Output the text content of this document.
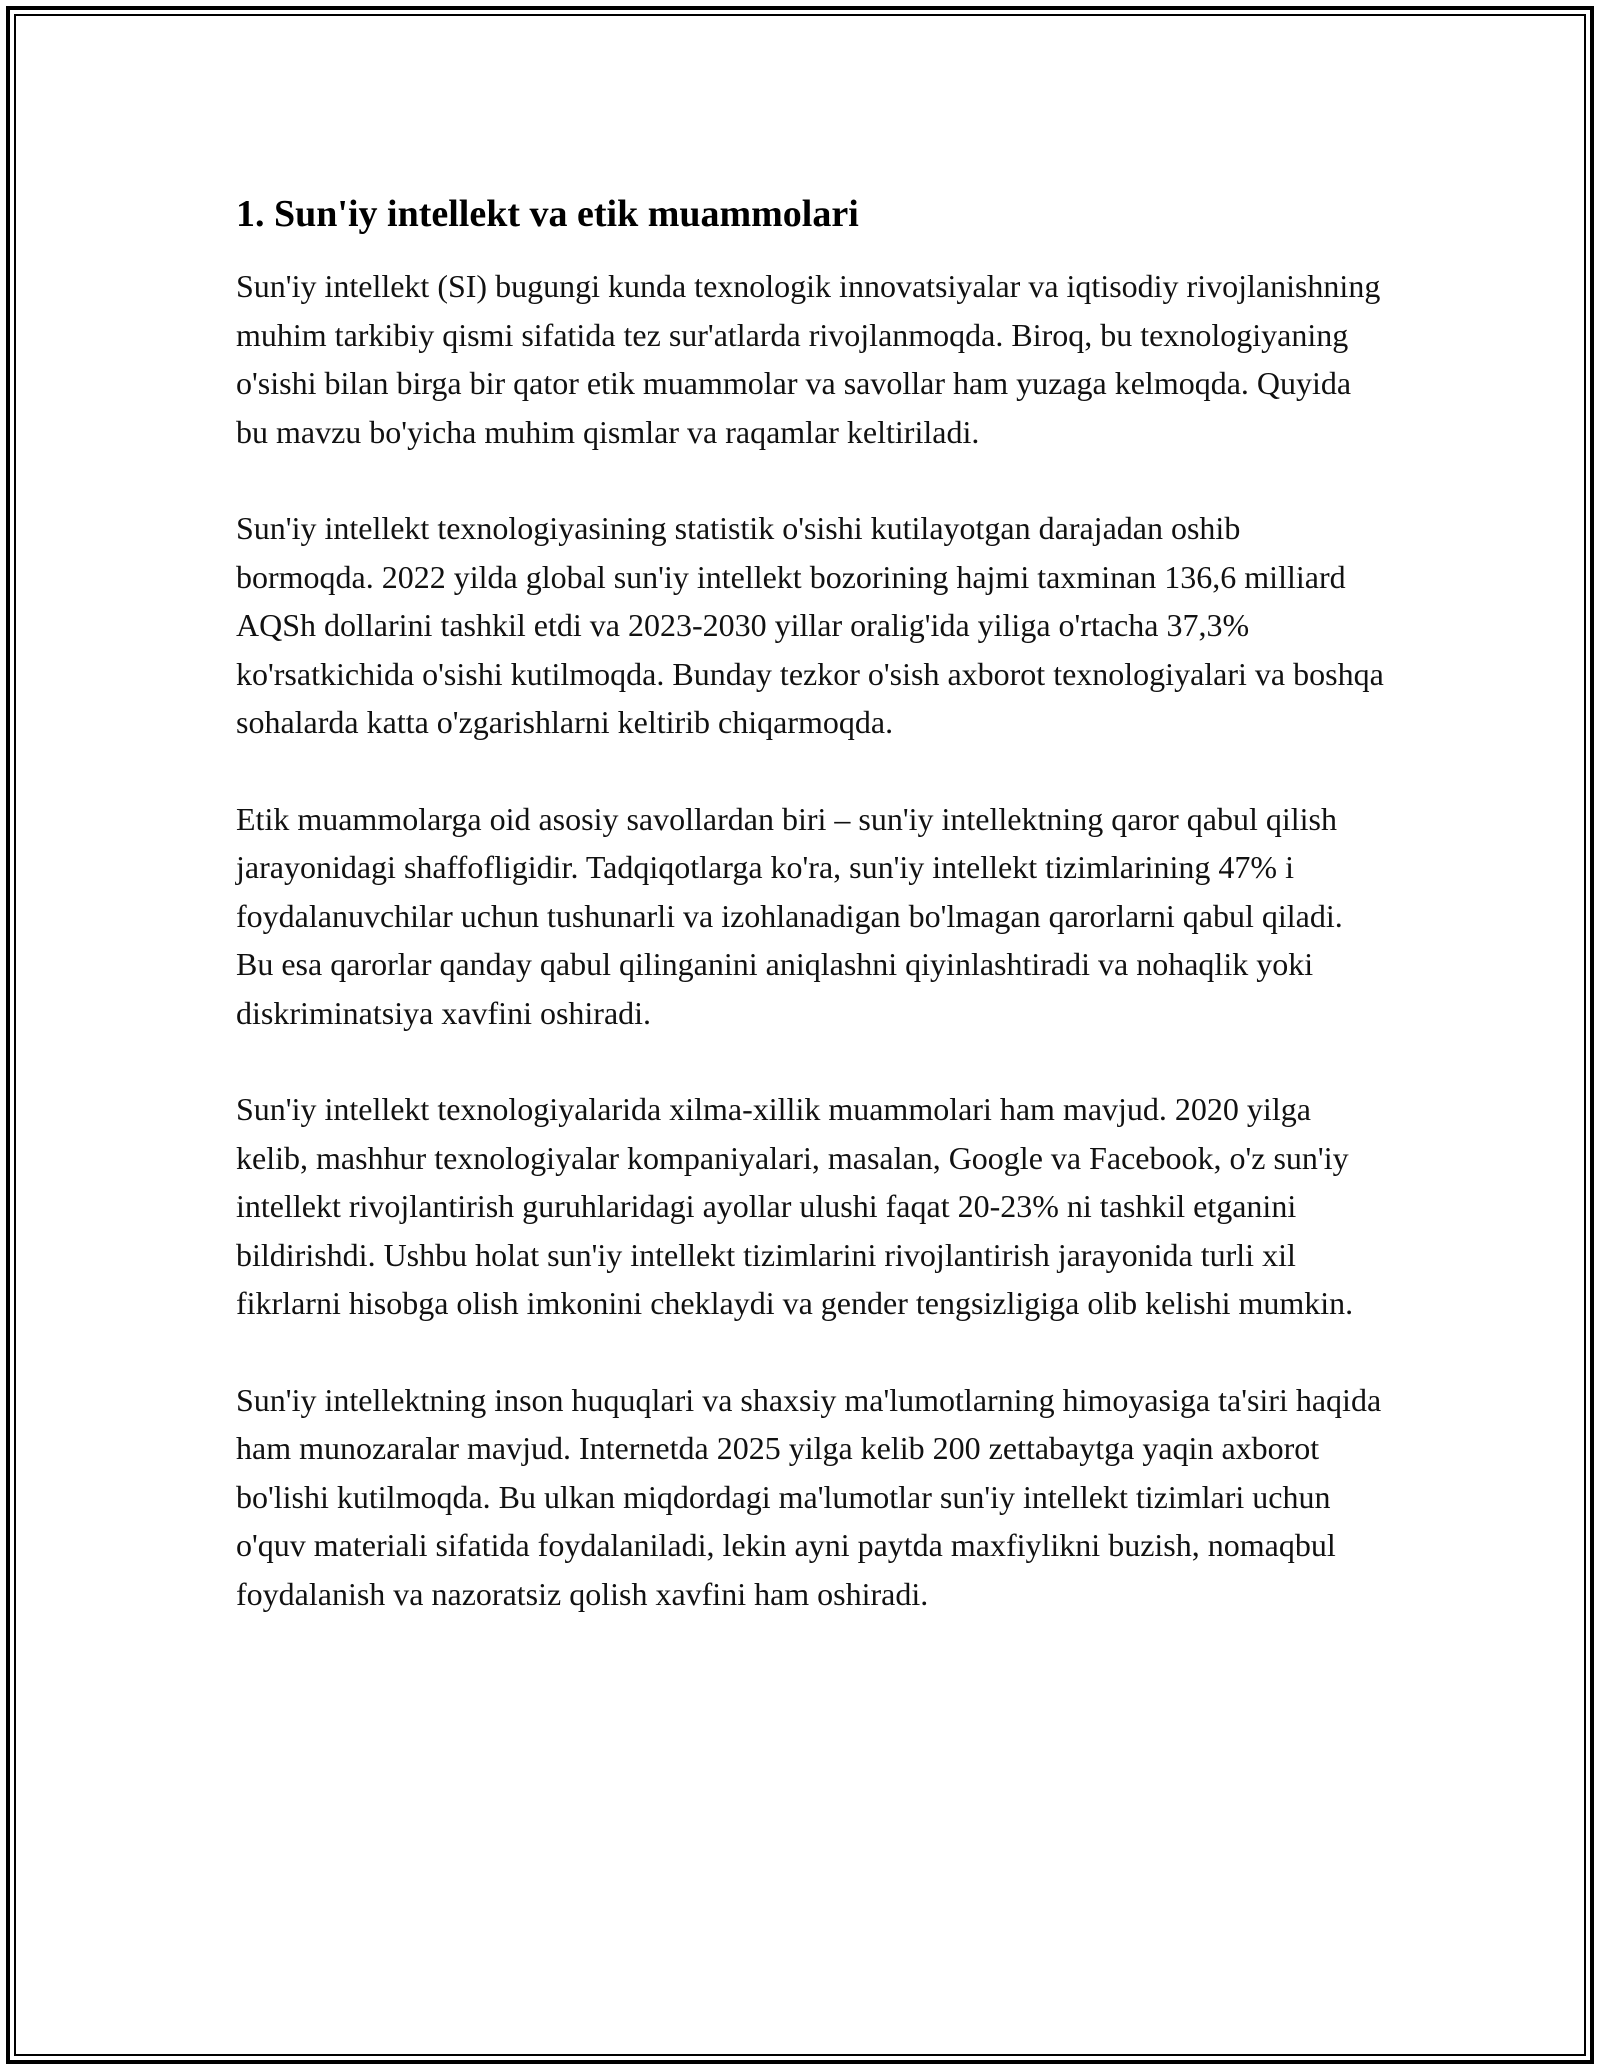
1. Sun'iy intellekt va etik muammolari

Sun'iy intellekt (SI) bugungi kunda texnologik innovatsiyalar va iqtisodiy rivojlanishning muhim tarkibiy qismi sifatida tez sur'atlarda rivojlanmoqda. Biroq, bu texnologiyaning o'sishi bilan birga bir qator etik muammolar va savollar ham yuzaga kelmoqda. Quyida bu mavzu bo'yicha muhim qismlar va raqamlar keltiriladi.

Sun'iy intellekt texnologiyasining statistik o'sishi kutilayotgan darajadan oshib bormoqda. 2022 yilda global sun'iy intellekt bozorining hajmi taxminan 136,6 milliard AQSh dollarini tashkil etdi va 2023-2030 yillar oralig'ida yiliga o'rtacha 37,3% ko'rsatkichida o'sishi kutilmoqda. Bunday tezkor o'sish axborot texnologiyalari va boshqa sohalarda katta o'zgarishlarni keltirib chiqarmoqda.

Etik muammolarga oid asosiy savollardan biri – sun'iy intellektning qaror qabul qilish jarayonidagi shaffofligidir. Tadqiqotlarga ko'ra, sun'iy intellekt tizimlarining 47% i foydalanuvchilar uchun tushunarli va izohlanadigan bo'lmagan qarorlarni qabul qiladi. Bu esa qarorlar qanday qabul qilinganini aniqlashni qiyinlashtiradi va nohaqlik yoki diskriminatsiya xavfini oshiradi.

Sun'iy intellekt texnologiyalarida xilma-xillik muammolari ham mavjud. 2020 yilga kelib, mashhur texnologiyalar kompaniyalari, masalan, Google va Facebook, o'z sun'iy intellekt rivojlantirish guruhlaridagi ayollar ulushi faqat 20-23% ni tashkil etganini bildirishdi. Ushbu holat sun'iy intellekt tizimlarini rivojlantirish jarayonida turli xil fikrlarni hisobga olish imkonini cheklaydi va gender tengsizligiga olib kelishi mumkin.

Sun'iy intellektning inson huquqlari va shaxsiy ma'lumotlarning himoyasiga ta'siri haqida ham munozaralar mavjud. Internetda 2025 yilga kelib 200 zettabaytga yaqin axborot bo'lishi kutilmoqda. Bu ulkan miqdordagi ma'lumotlar sun'iy intellekt tizimlari uchun o'quv materiali sifatida foydalaniladi, lekin ayni paytda maxfiylikni buzish, nomaqbul foydalanish va nazoratsiz qolish xavfini ham oshiradi.
